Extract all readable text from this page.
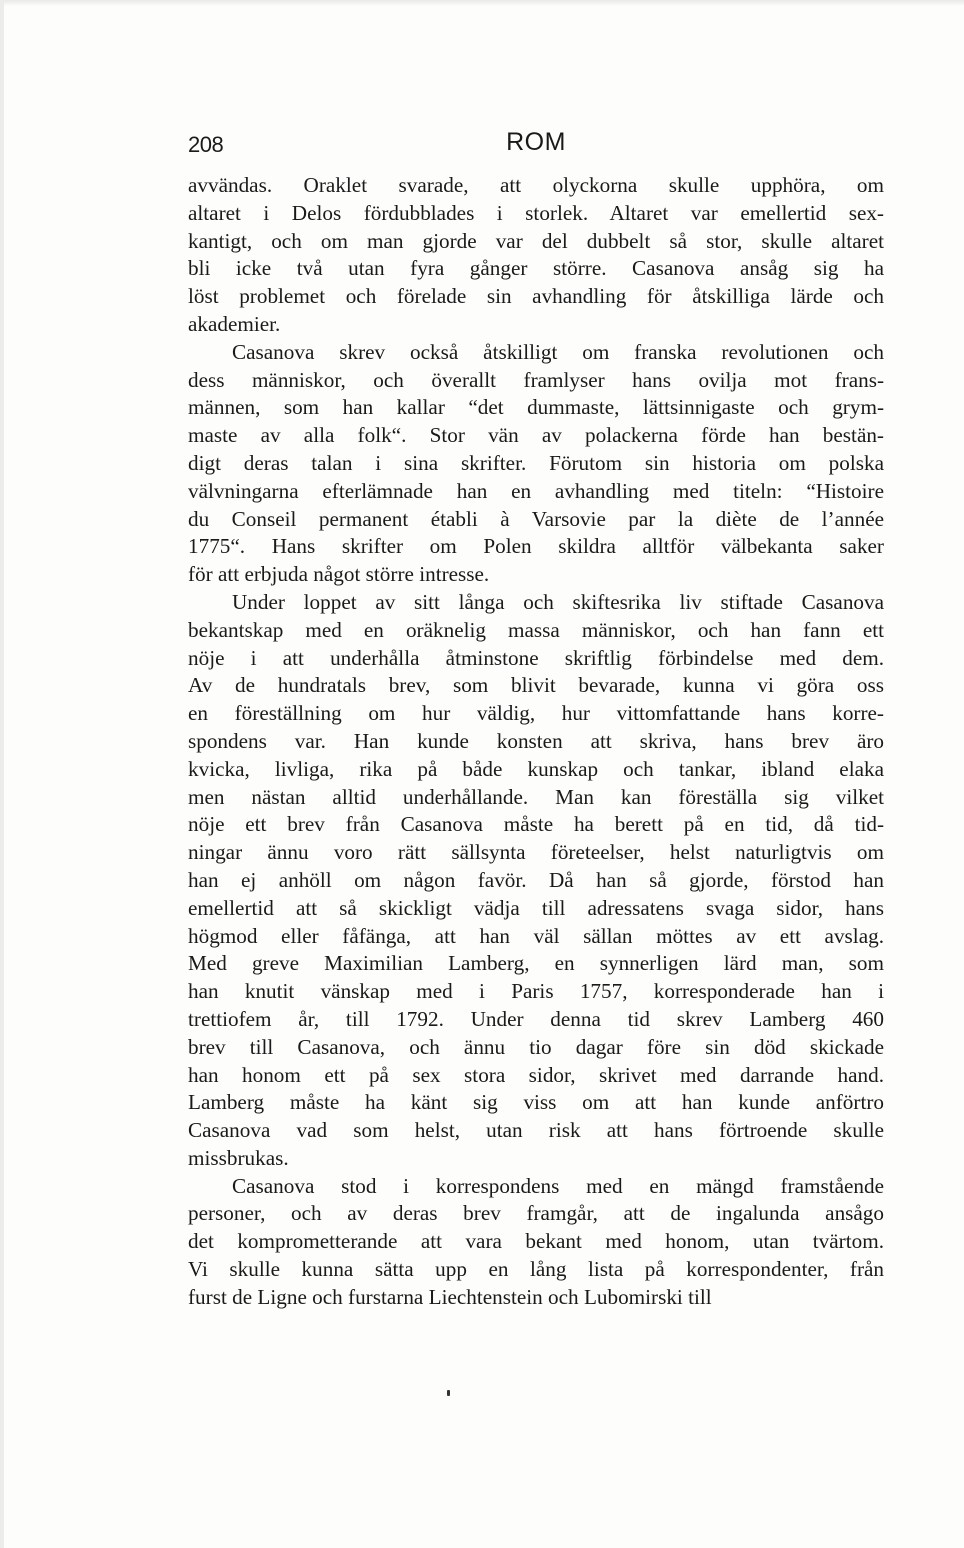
208	ROM
avvändas. Oraklet svarade, att olyckorna skulle upphöra, om
altaret i Delos fördubblades i storlek. Altaret var emellertid sex-
kantigt, och om man gjorde var del dubbelt så stor, skulle altaret
bli icke två utan fyra gånger större. Casanova ansåg sig ha
löst problemet och förelade sin avhandling för åtskilliga lärde och
akademier.
Casanova skrev också åtskilligt om franska revolutionen och
dess människor, och överallt framlyser hans ovilja mot frans-
männen, som han kallar “det dummaste, lättsinnigaste och grym-
maste av alla folk“. Stor vän av polackerna förde han bestän-
digt deras talan i sina skrifter. Förutom sin historia om polska
välvningarna efterlämnade han en avhandling med titeln: “Histoire
du Conseil permanent établi à Varsovie par la diète de l’année
1775“. Hans skrifter om Polen skildra alltför välbekanta saker
för att erbjuda något större intresse.
Under loppet av sitt långa och skiftesrika liv stiftade Casanova
bekantskap med en oräknelig massa människor, och han fann ett
nöje i att underhålla åtminstone skriftlig förbindelse med dem.
Av de hundratals brev, som blivit bevarade, kunna vi göra oss
en föreställning om hur väldig, hur vittomfattande hans korre-
spondens var. Han kunde konsten att skriva, hans brev äro
kvicka, livliga, rika på både kunskap och tankar, ibland elaka
men nästan alltid underhållande. Man kan föreställa sig vilket
nöje ett brev från Casanova måste ha berett på en tid, då tid-
ningar ännu voro rätt sällsynta företeelser, helst naturligtvis om
han ej anhöll om någon favör. Då han så gjorde, förstod han
emellertid att så skickligt vädja till adressatens svaga sidor, hans
högmod eller fåfänga, att han väl sällan möttes av ett avslag.
Med greve Maximilian Lamberg, en synnerligen lärd man, som
han knutit vänskap med i Paris 1757, korresponderade han i
trettiofem år, till 1792. Under denna tid skrev Lamberg 460
brev till Casanova, och ännu tio dagar före sin död skickade
han honom ett på sex stora sidor, skrivet med darrande hand.
Lamberg måste ha känt sig viss om att han kunde anförtro
Casanova vad som helst, utan risk att hans förtroende skulle
missbrukas.
Casanova stod i korrespondens med en mängd framstående
personer, och av deras brev framgår, att de ingalunda ansågo
det komprometterande att vara bekant med honom, utan tvärtom.
Vi skulle kunna sätta upp en lång lista på korrespondenter, från
furst de Ligne och furstarna Liechtenstein och Lubomirski till
